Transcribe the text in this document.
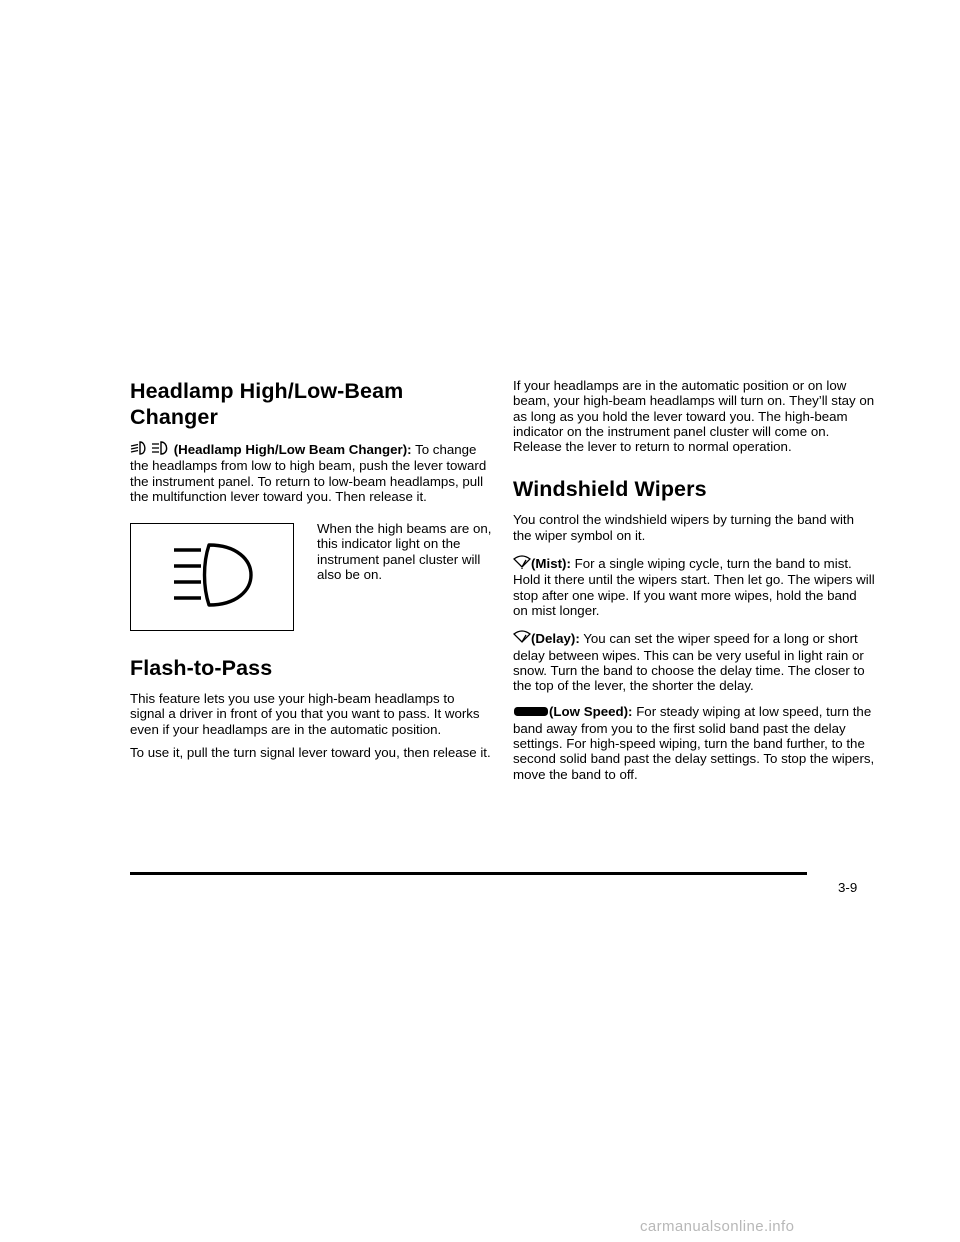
Headlamp High/Low-Beam Changer

(Headlamp High/Low Beam Changer): To change the headlamps from low to high beam, push the lever toward the instrument panel. To return to low-beam headlamps, pull the multifunction lever toward you. Then release it.

When the high beams are on, this indicator light on the instrument panel cluster will also be on.

Flash-to-Pass

This feature lets you use your high-beam headlamps to signal a driver in front of you that you want to pass. It works even if your headlamps are in the automatic position.

To use it, pull the turn signal lever toward you, then release it.

If your headlamps are in the automatic position or on low beam, your high-beam headlamps will turn on. They’ll stay on as long as you hold the lever toward you. The high-beam indicator on the instrument panel cluster will come on. Release the lever to return to normal operation.

Windshield Wipers

You control the windshield wipers by turning the band with the wiper symbol on it.

(Mist): For a single wiping cycle, turn the band to mist. Hold it there until the wipers start. Then let go. The wipers will stop after one wipe. If you want more wipes, hold the band on mist longer.

(Delay): You can set the wiper speed for a long or short delay between wipes. This can be very useful in light rain or snow. Turn the band to choose the delay time. The closer to the top of the lever, the shorter the delay.

(Low Speed): For steady wiping at low speed, turn the band away from you to the first solid band past the delay settings. For high-speed wiping, turn the band further, to the second solid band past the delay settings. To stop the wipers, move the band to off.

3-9
carmanualsonline.info
